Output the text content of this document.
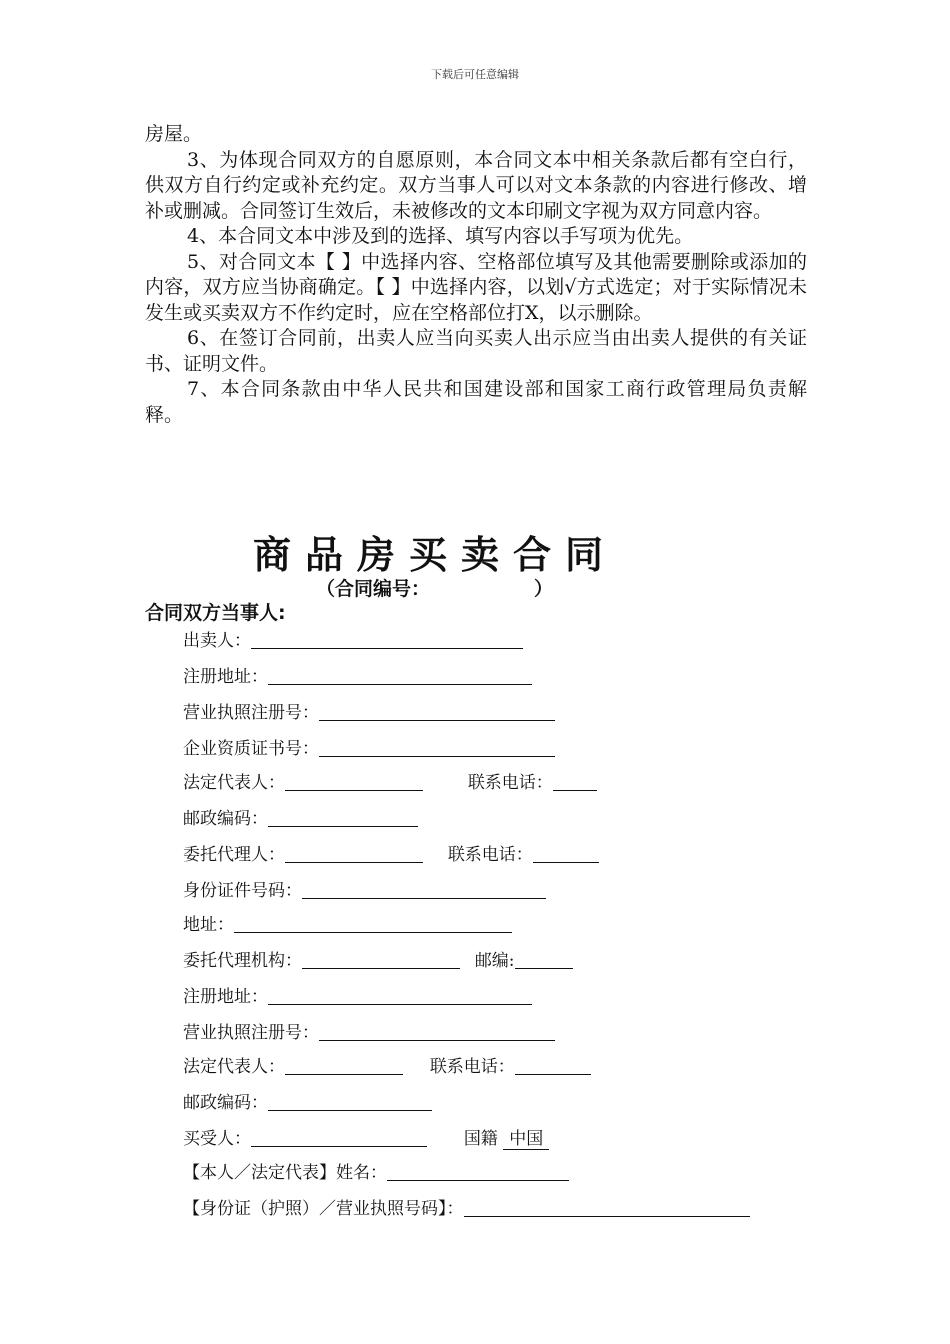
下载后可任意编辑

房屋。

3、为体现合同双方的自愿原则，本合同文本中相关条款后都有空白行，供双方自行约定或补充约定。双方当事人可以对文本条款的内容进行修改、增补或删减。合同签订生效后，未被修改的文本印刷文字视为双方同意内容。

4、本合同文本中涉及到的选择、填写内容以手写项为优先。

5、对合同文本【 】中选择内容、空格部位填写及其他需要删除或添加的内容，双方应当协商确定。【 】中选择内容，以划√方式选定；对于实际情况未发生或买卖双方不作约定时，应在空格部位打X，以示删除。

6、在签订合同前，出卖人应当向买卖人出示应当由出卖人提供的有关证书、证明文件。

7、本合同条款由中华人民共和国建设部和国家工商行政管理局负责解释。

商品房买卖合同
（合同编号：	）
合同双方当事人:
出卖人：
注册地址：
营业执照注册号：
企业资质证书号：
法定代表人：	联系电话：
邮政编码：
委托代理人：	联系电话：
身份证件号码：
地址：
委托代理机构：	邮编:
注册地址：
营业执照注册号：
法定代表人：	联系电话：
邮政编码：
买受人：	国籍 中国
【本人／法定代表】姓名：
【身份证（护照）／营业执照号码】：
